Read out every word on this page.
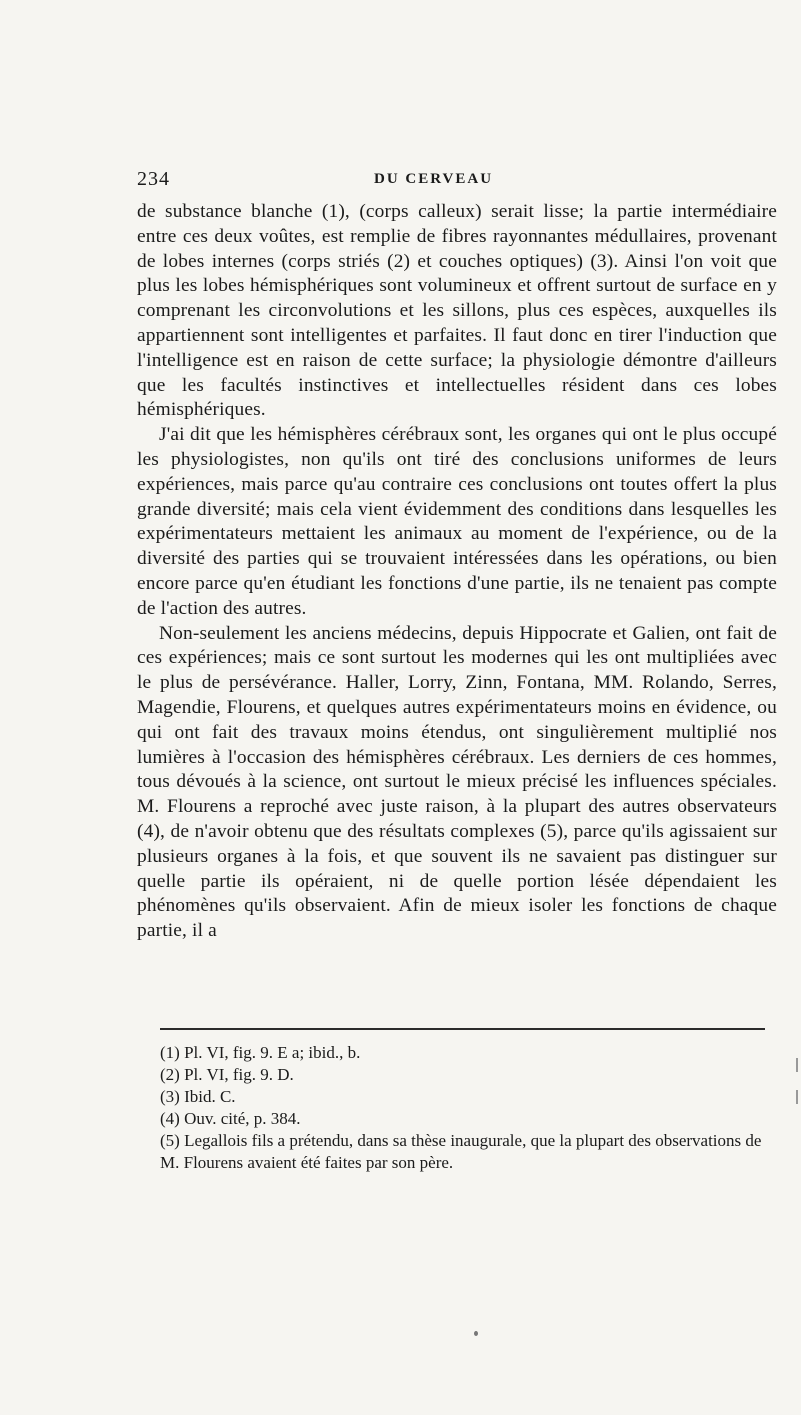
234	DU CERVEAU

de substance blanche (1), (corps calleux) serait lisse; la partie intermédiaire entre ces deux voûtes, est remplie de fibres rayonnantes médullaires, provenant de lobes internes (corps striés (2) et couches optiques) (3). Ainsi l'on voit que plus les lobes hémisphériques sont volumineux et offrent surtout de surface en y comprenant les circonvolutions et les sillons, plus ces espèces, auxquelles ils appartiennent sont intelligentes et parfaites. Il faut donc en tirer l'induction que l'intelligence est en raison de cette surface; la physiologie démontre d'ailleurs que les facultés instinctives et intellectuelles résident dans ces lobes hémisphériques.

J'ai dit que les hémisphères cérébraux sont, les organes qui ont le plus occupé les physiologistes, non qu'ils ont tiré des conclusions uniformes de leurs expériences, mais parce qu'au contraire ces conclusions ont toutes offert la plus grande diversité; mais cela vient évidemment des conditions dans lesquelles les expérimentateurs mettaient les animaux au moment de l'expérience, ou de la diversité des parties qui se trouvaient intéressées dans les opérations, ou bien encore parce qu'en étudiant les fonctions d'une partie, ils ne tenaient pas compte de l'action des autres.

Non-seulement les anciens médecins, depuis Hippocrate et Galien, ont fait de ces expériences; mais ce sont surtout les modernes qui les ont multipliées avec le plus de persévérance. Haller, Lorry, Zinn, Fontana, MM. Rolando, Serres, Magendie, Flourens, et quelques autres expérimentateurs moins en évidence, ou qui ont fait des travaux moins étendus, ont singulièrement multiplié nos lumières à l'occasion des hémisphères cérébraux. Les derniers de ces hommes, tous dévoués à la science, ont surtout le mieux précisé les influences spéciales. M. Flourens a reproché avec juste raison, à la plupart des autres observateurs (4), de n'avoir obtenu que des résultats complexes (5), parce qu'ils agissaient sur plusieurs organes à la fois, et que souvent ils ne savaient pas distinguer sur quelle partie ils opéraient, ni de quelle portion lésée dépendaient les phénomènes qu'ils observaient. Afin de mieux isoler les fonctions de chaque partie, il a

(1) Pl. VI, fig. 9. E a; ibid., b.

(2) Pl. VI, fig. 9. D.

(3) Ibid. C.

(4) Ouv. cité, p. 384.

(5) Legallois fils a prétendu, dans sa thèse inaugurale, que la plupart des observations de M. Flourens avaient été faites par son père.
